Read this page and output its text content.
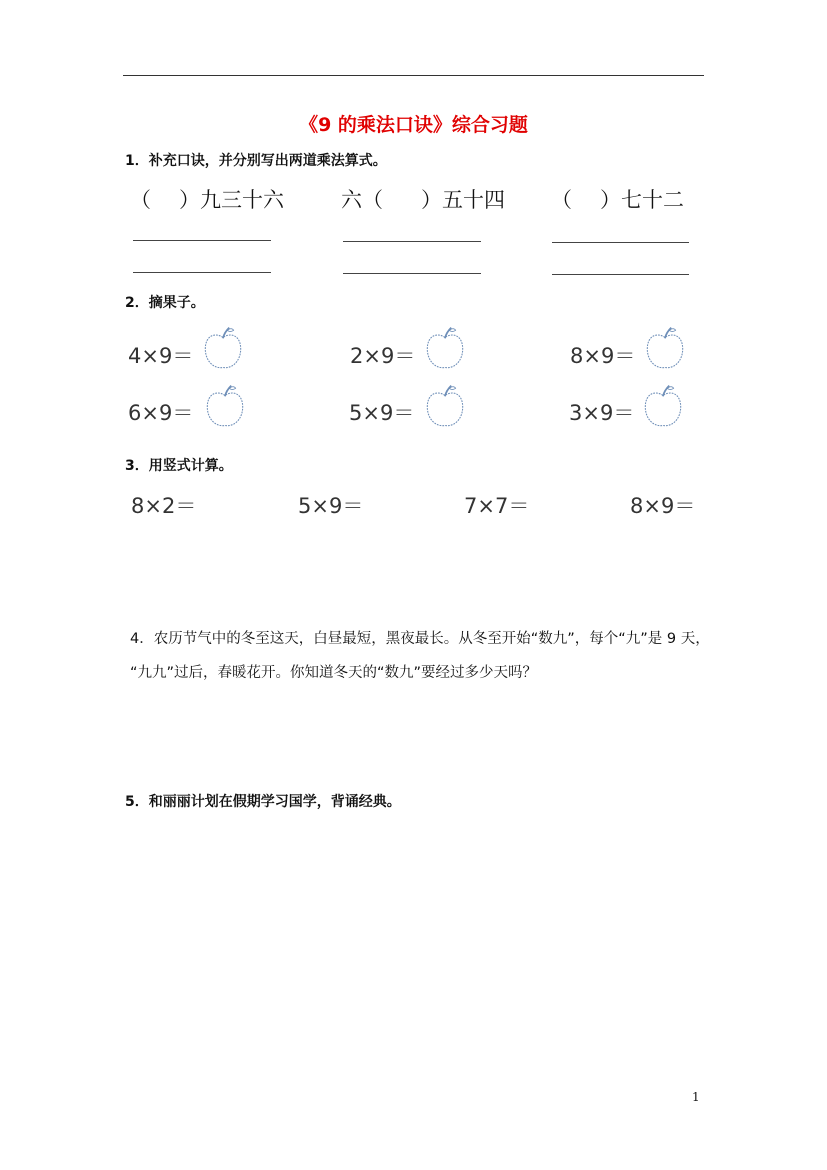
《9 的乘法口诀》综合习题
1．补充口诀，并分别写出两道乘法算式。
（ ）九三十六	六（ ）五十四 （ ）七十二
2．摘果子。
4×9＝	2×9＝	8×9＝
6×9＝	5×9＝	3×9＝
3．用竖式计算。
8×2＝	5×9＝	7×7＝	8×9＝
4．农历节气中的冬至这天，白昼最短，黑夜最长。从冬至开始“数九”，每个“九”是 9 天，
“九九”过后，春暖花开。你知道冬天的“数九”要经过多少天吗？
5．和丽丽计划在假期学习国学，背诵经典。
1
